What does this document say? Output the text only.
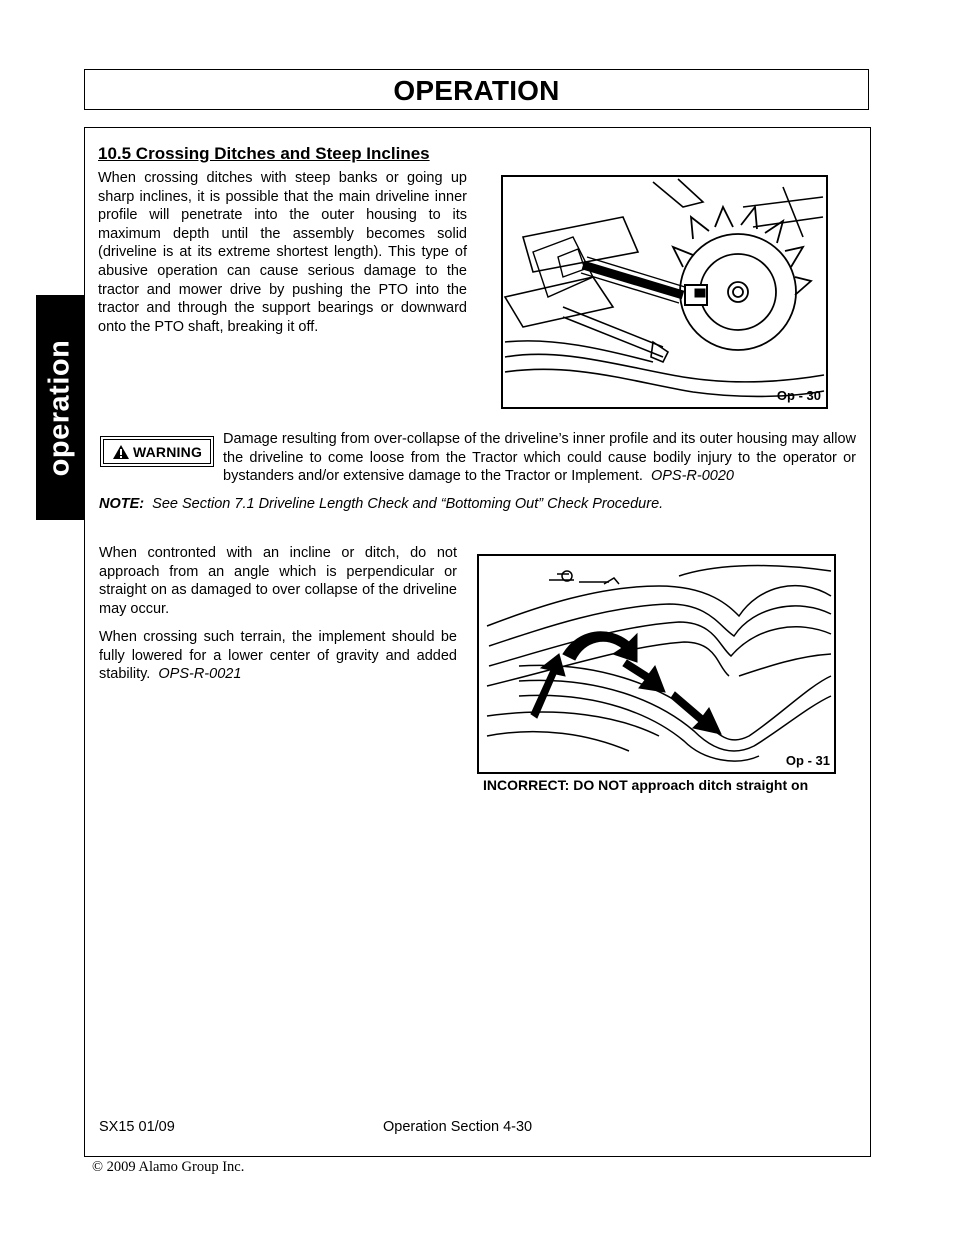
OPERATION
operation
10.5 Crossing Ditches and Steep Inclines

When crossing ditches with steep banks or going up sharp inclines, it is possible that the main driveline inner profile will penetrate into the outer housing to its maximum depth until the assembly becomes solid (driveline is at its extreme shortest length). This type of abusive operation can cause serious damage to the tractor and mower drive by pushing the PTO into the tractor and through the support bearings or downward onto the PTO shaft, breaking it off.

Op - 30
WARNING

Damage resulting from over-collapse of the driveline’s inner profile and its outer housing may allow the driveline to come loose from the Tractor which could cause bodily injury to the operator or bystanders and/or extensive damage to the Tractor or Implement. OPS-R-0020

NOTE: See Section 7.1 Driveline Length Check and “Bottoming Out” Check Procedure.

When contronted with an incline or ditch, do not approach from an angle which is perpendicular or straight on as damaged to over collapse of the driveline may occur.

When crossing such terrain, the implement should be fully lowered for a lower center of gravity and added stability. OPS-R-0021

Op - 31
INCORRECT: DO NOT approach ditch straight on
SX15 01/09	Operation Section 4-30
© 2009 Alamo Group Inc.
